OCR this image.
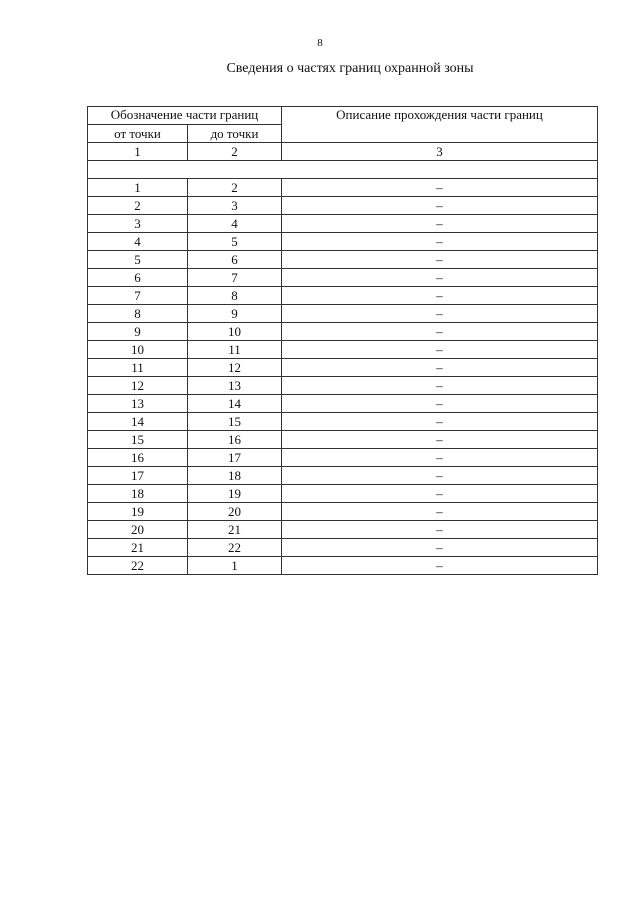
8
Сведения о частях границ охранной зоны
Обозначение части границ		Описание прохождения части границ
от точки	до точки	
1	2	3

1	2	–
2	3	–
3	4	–
4	5	–
5	6	–
6	7	–
7	8	–
8	9	–
9	10	–
10	11	–
11	12	–
12	13	–
13	14	–
14	15	–
15	16	–
16	17	–
17	18	–
18	19	–
19	20	–
20	21	–
21	22	–
22	1	–
